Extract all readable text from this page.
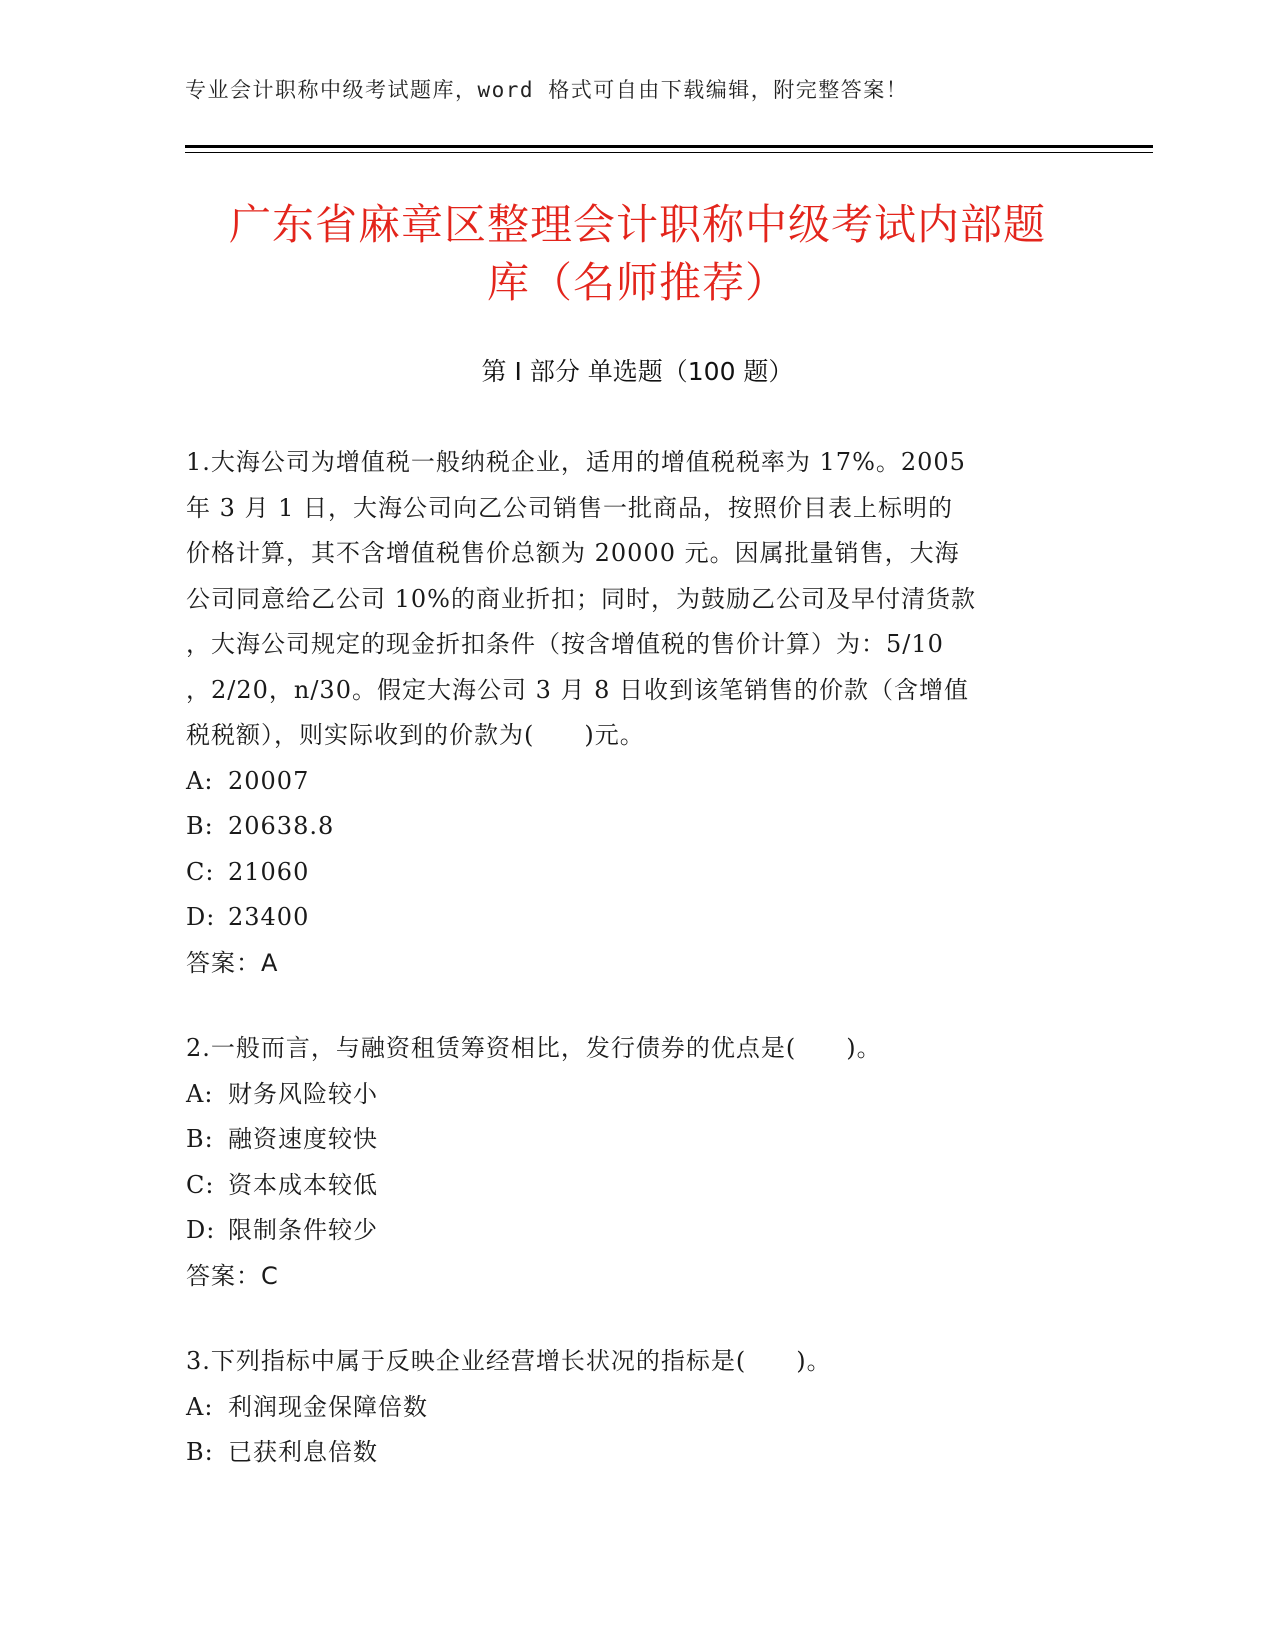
专业会计职称中级考试题库，word 格式可自由下载编辑，附完整答案！
广东省麻章区整理会计职称中级考试内部题
库（名师推荐）
第 I 部分 单选题（100 题）
1.大海公司为增值税一般纳税企业，适用的增值税税率为 17%。2005
年 3 月 1 日，大海公司向乙公司销售一批商品，按照价目表上标明的
价格计算，其不含增值税售价总额为 20000 元。因属批量销售，大海
公司同意给乙公司 10%的商业折扣；同时，为鼓励乙公司及早付清货款
，大海公司规定的现金折扣条件（按含增值税的售价计算）为：5/10
，2/20，n/30。假定大海公司 3 月 8 日收到该笔销售的价款（含增值
税税额），则实际收到的价款为(　　)元。
A: 20007
B: 20638.8
C: 21060
D: 23400
答案：A
2.一般而言，与融资租赁筹资相比，发行债券的优点是(　　)。
A: 财务风险较小
B: 融资速度较快
C: 资本成本较低
D: 限制条件较少
答案：C
3.下列指标中属于反映企业经营增长状况的指标是(　　)。
A: 利润现金保障倍数
B: 已获利息倍数
